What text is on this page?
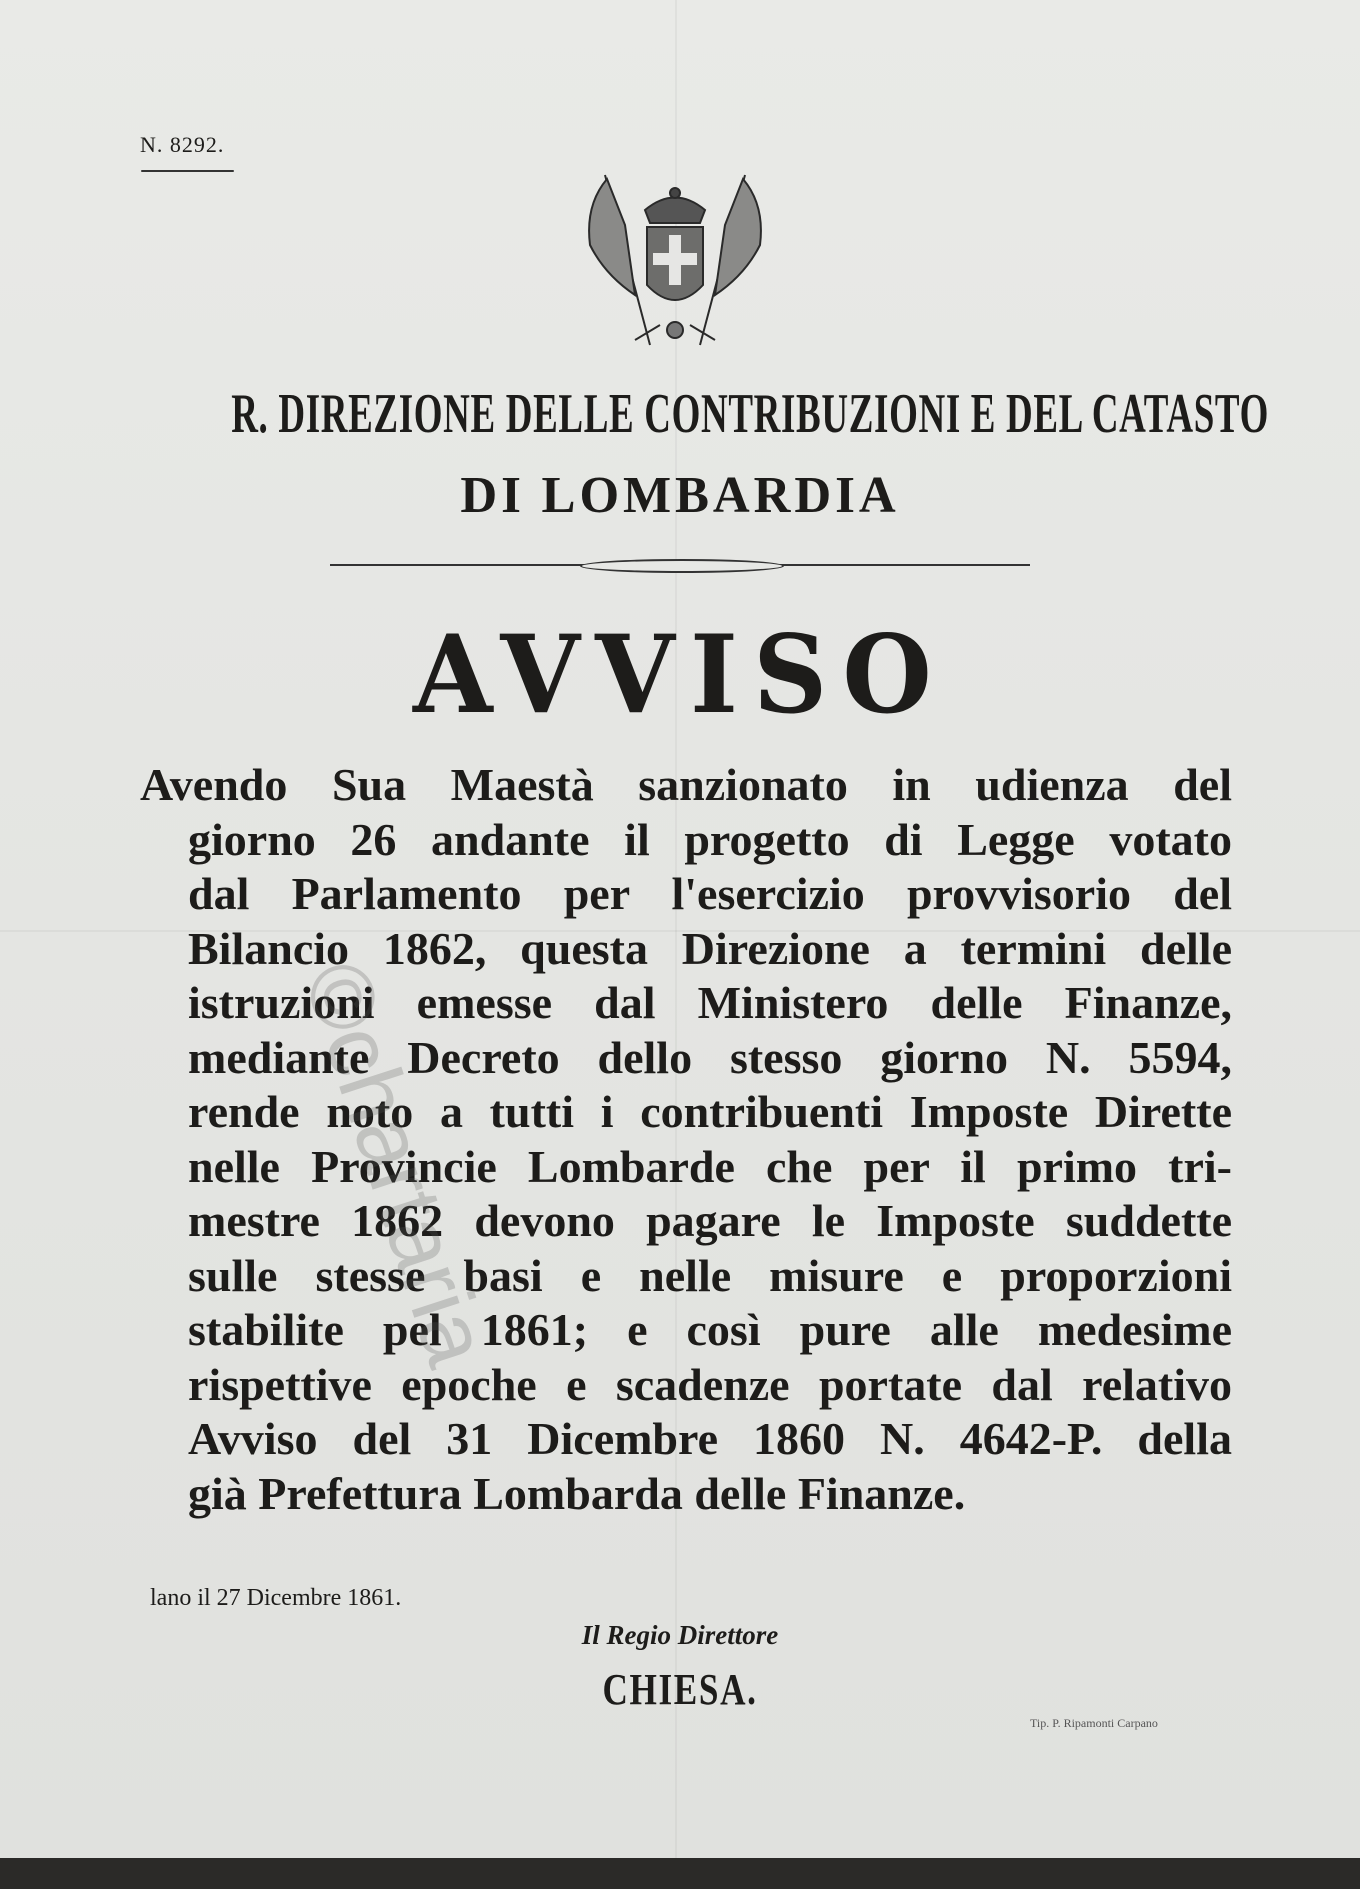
N. 8292.
R. DIREZIONE DELLE CONTRIBUZIONI E DEL CATASTO
DI LOMBARDIA
AVVISO
Avendo Sua Maestà sanzionato in udienza del
giorno 26 andante il progetto di Legge votato
dal Parlamento per l'esercizio provvisorio del
Bilancio 1862, questa Direzione a termini delle
istruzioni emesse dal Ministero delle Finanze,
mediante Decreto dello stesso giorno N. 5594,
rende noto a tutti i contribuenti Imposte Dirette
nelle Provincie Lombarde che per il primo tri-
mestre 1862 devono pagare le Imposte suddette
sulle stesse basi e nelle misure e proporzioni
stabilite pel 1861; e così pure alle medesime
rispettive epoche e scadenze portate dal relativo
Avviso del 31 Dicembre 1860 N. 4642-P. della
già Prefettura Lombarda delle Finanze.
lano il 27 Dicembre 1861.
Il Regio Direttore
CHIESA.
Tip. P. Ripamonti Carpano
©chartaria
